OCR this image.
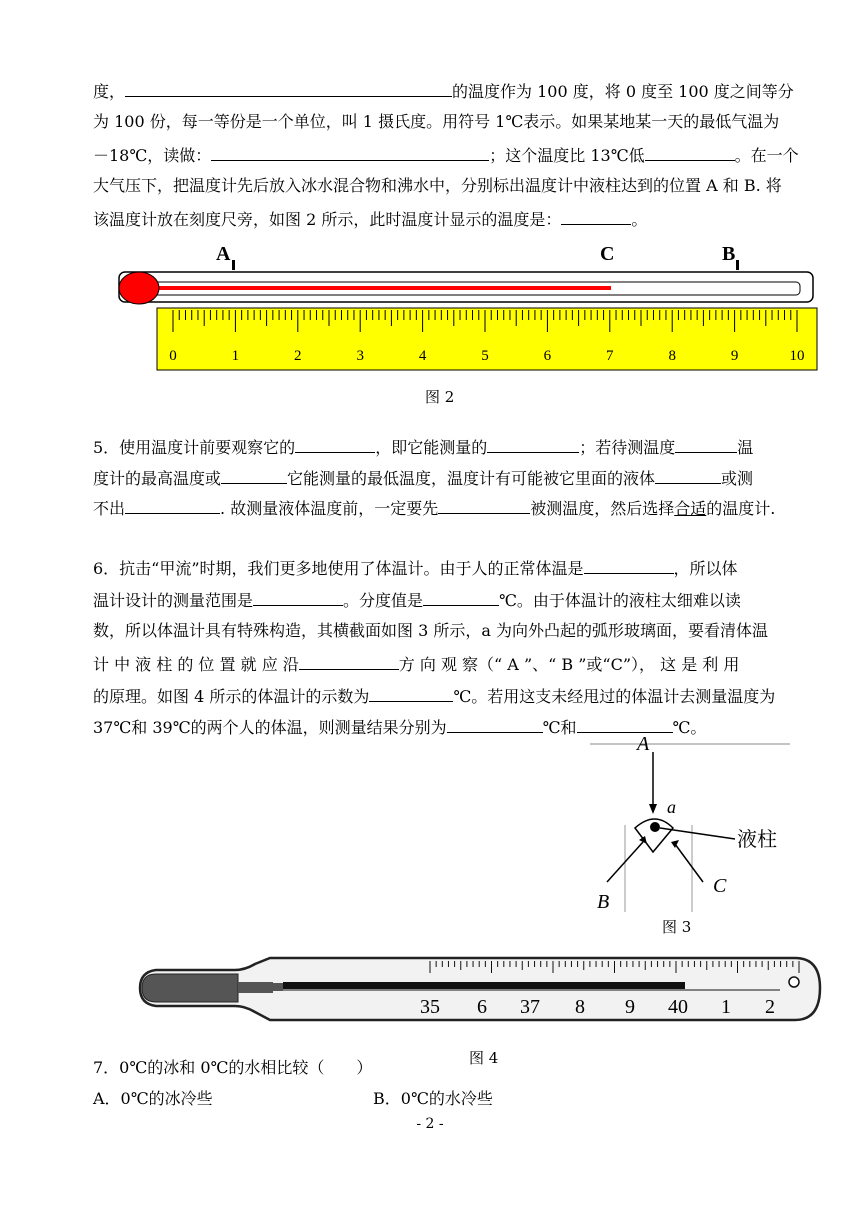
度，	的温度作为 100 度，将 0 度至 100 度之间等分
为 100 份，每一等份是一个单位，叫 1 摄氏度。用符号 1℃表示。如果某地某一天的最低气温为
－18℃，读做：	；这个温度比 13℃低	。在一个
大气压下，把温度计先后放入冰水混合物和沸水中，分别标出温度计中液柱达到的位置 A 和 B. 将
该温度计放在刻度尺旁，如图 2 所示，此时温度计显示的温度是：	。
A	C	B
0	1	2	3	4	5	6	7	8	9	10
图 2
5．使用温度计前要观察它的	，即它能测量的	；若待测温度	温
度计的最高温度或	它能测量的最低温度，温度计有可能被它里面的液体	或测
不出	. 故测量液体温度前，一定要先	被测温度，然后选择合适的温度计.
6．抗击“甲流”时期，我们更多地使用了体温计。由于人的正常体温是	，所以体
温计设计的测量范围是	。分度值是	℃。由于体温计的液柱太细难以读
数，所以体温计具有特殊构造，其横截面如图 3 所示，a 为向外凸起的弧形玻璃面，要看清体温
计 中 液 柱 的 位 置 就 应 沿	方 向 观 察（“ A ”、“ B ”或“C”）， 这 是 利 用
的原理。如图 4 所示的体温计的示数为	℃。若用这支未经甩过的体温计去测量温度为
37℃和 39℃的两个人的体温，则测量结果分别为	℃和	℃。
A
a
液柱
B
C
图 3
35 6 37 8 9 40 1 2
图 4
7．0℃的冰和 0℃的水相比较（　　）
A．0℃的冰冷些	B．0℃的水冷些
- 2 -
